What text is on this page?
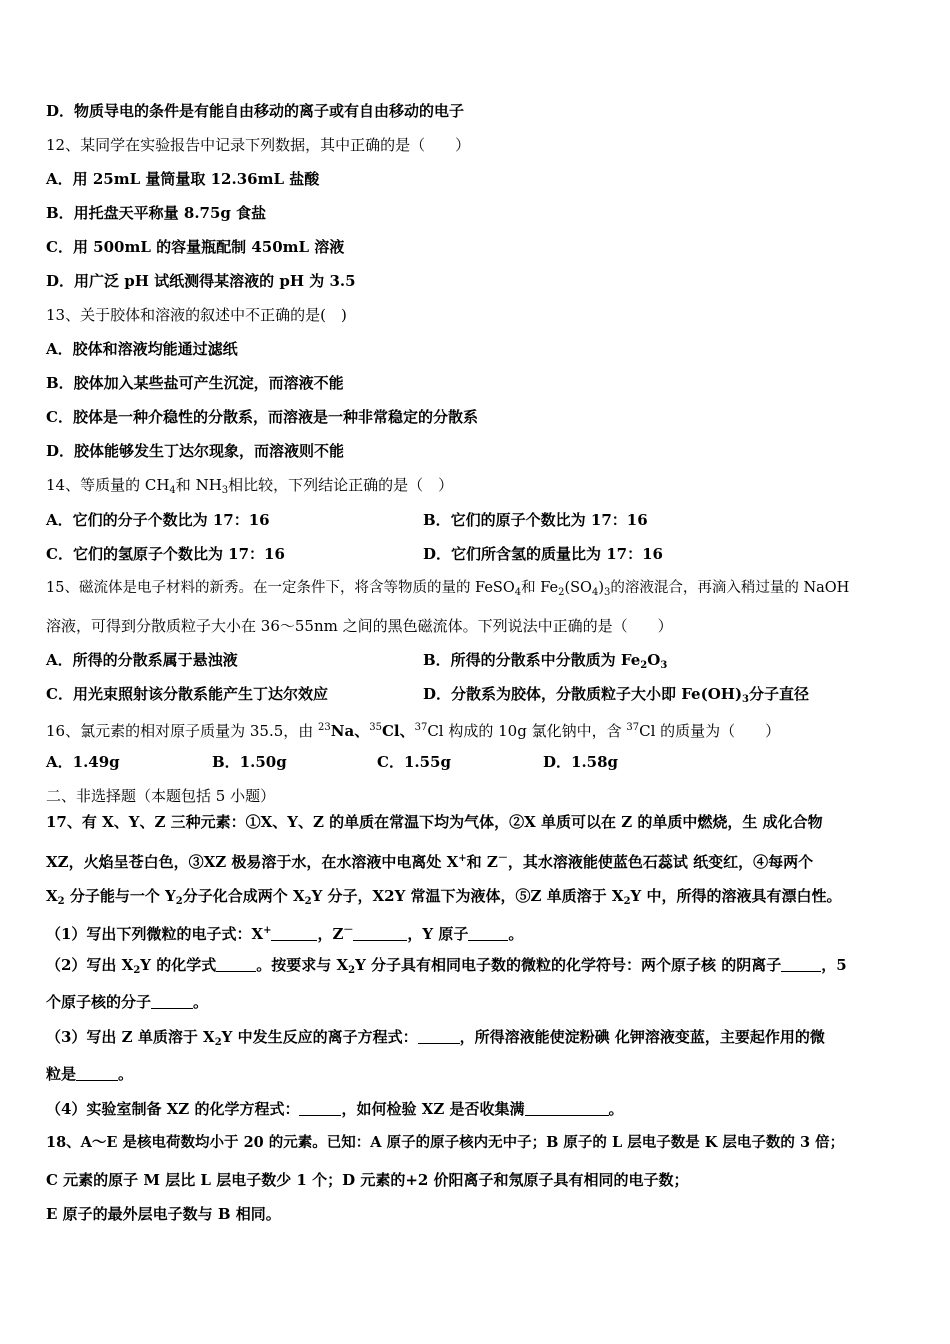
D．物质导电的条件是有能自由移动的离子或有自由移动的电子
12、某同学在实验报告中记录下列数据，其中正确的是（　　）
A．用 25mL 量筒量取 12.36mL 盐酸
B．用托盘天平称量 8.75g 食盐
C．用 500mL 的容量瓶配制 450mL 溶液
D．用广泛 pH 试纸测得某溶液的 pH 为 3.5
13、关于胶体和溶液的叙述中不正确的是(　)
A．胶体和溶液均能通过滤纸
B．胶体加入某些盐可产生沉淀，而溶液不能
C．胶体是一种介稳性的分散系，而溶液是一种非常稳定的分散系
D．胶体能够发生丁达尔现象，而溶液则不能
14、等质量的 $CH_4$和 $NH_3$相比较，下列结论正确的是（　）
A．它们的分子个数比为 17：16	B．它们的原子个数比为 17：16
C．它们的氢原子个数比为 17：16	D．它们所含氢的质量比为 17：16
15、磁流体是电子材料的新秀。在一定条件下，将含等物质的量的 FeSO$_4$和 $Fe_2(SO_4)_3$的溶液混合，再滴入稍过量的 NaOH
溶液，可得到分散质粒子大小在 36～55nm 之间的黑色磁流体。下列说法中正确的是（　　）
A．所得的分散系属于悬浊液	B．所得的分散系中分散质为 $Fe_2O_3$
C．用光束照射该分散系能产生丁达尔效应	D．分散系为胶体，分散质粒子大小即 $Fe(OH)_3$分子直径
16、氯元素的相对原子质量为 35.5，由 $^{23}$Na、$^{35}$Cl、$^{37}$Cl 构成的 10g 氯化钠中，含 $^{37}$Cl 的质量为（　　）
A．1.49g	B．1.50g	C．1.55g	D．1.58g
二、非选择题（本题包括 5 小题）
17、有 X、Y、Z 三种元素：①X、Y、Z 的单质在常温下均为气体，②X 单质可以在 Z 的单质中燃烧，生 成化合物
XZ，火焰呈苍白色，③XZ 极易溶于水，在水溶液中电离处 X+和 Z－，其水溶液能使蓝色石蕊试 纸变红，④每两个
$X_2$ 分子能与一个 $Y_2$分子化合成两个 $X_2Y$ 分子，X2Y 常温下为液体，⑤Z 单质溶于 $X_2Y$ 中，所得的溶液具有漂白性。
（1）写出下列微粒的电子式：X+	，Z－	，Y 原子	。
（2）写出 $X_2Y$ 的化学式	。按要求与 $X_2Y$ 分子具有相同电子数的微粒的化学符号：两个原子核 的阴离子	，5
个原子核的分子	。
（3）写出 Z 单质溶于 $X_2Y$ 中发生反应的离子方程式：	，所得溶液能使淀粉碘 化钾溶液变蓝，主要起作用的微
粒是	。
（4）实验室制备 XZ 的化学方程式：	，如何检验 XZ 是否收集满	。
18、A～E 是核电荷数均小于 20 的元素。已知：A 原子的原子核内无中子；B 原子的 L 层电子数是 K 层电子数的 3 倍；
C 元素的原子 M 层比 L 层电子数少 1 个；D 元素的+2 价阳离子和氖原子具有相同的电子数；
E 原子的最外层电子数与 B 相同。
